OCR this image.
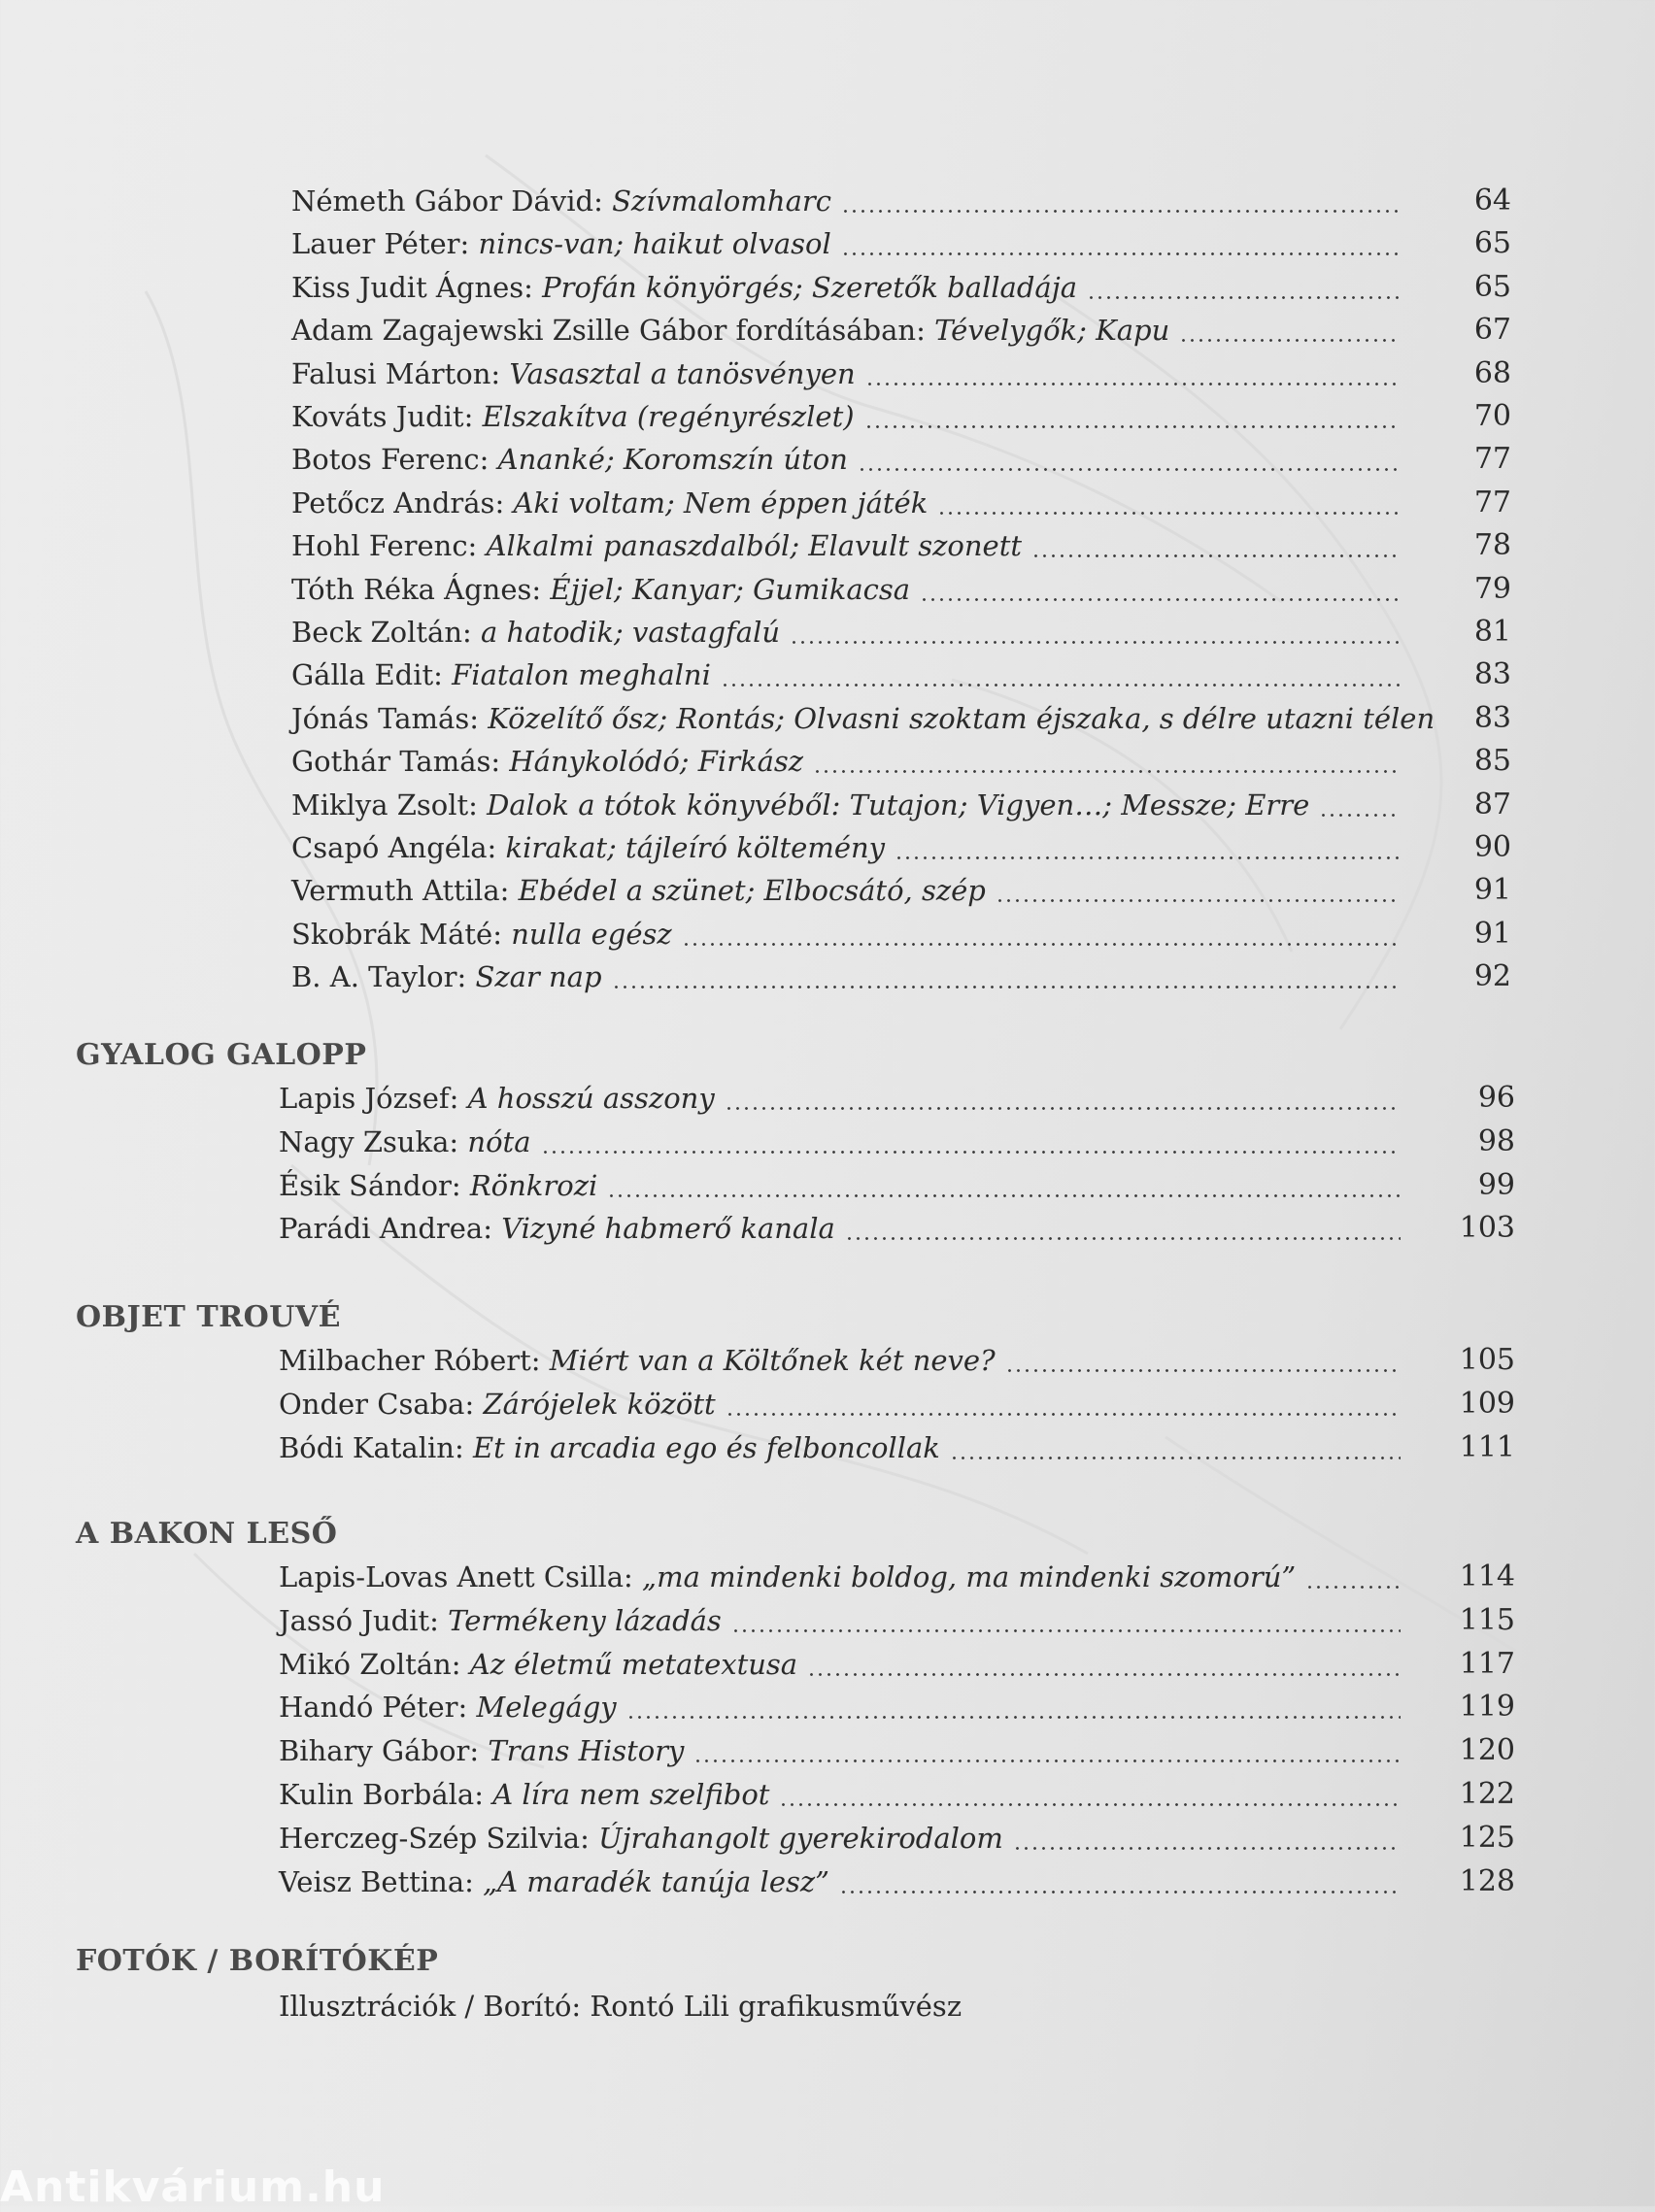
Németh Gábor Dávid:
Szívmalomharc	64
Lauer Péter:
nincs-van; haikut olvasol	65
Kiss Judit Ágnes:
Profán könyörgés; Szeretők balladája	65
Adam Zagajewski Zsille Gábor fordításában:
Tévelygők; Kapu	67
Falusi Márton:
Vasasztal a tanösvényen	68
Kováts Judit:
Elszakítva (regényrészlet)	70
Botos Ferenc:
Ananké; Koromszín úton	77
Petőcz András:
Aki voltam; Nem éppen játék	77
Hohl Ferenc:
Alkalmi panaszdalból; Elavult szonett	78
Tóth Réka Ágnes:
Éjjel; Kanyar; Gumikacsa	79
Beck Zoltán:
a hatodik; vastagfalú	81
Gálla Edit:
Fiatalon meghalni	83
Jónás Tamás:
Közelítő ősz; Rontás; Olvasni szoktam éjszaka, s délre utazni télen 83
Gothár Tamás:
Hánykolódó; Firkász	85
Miklya Zsolt:
Dalok a tótok könyvéből: Tutajon; Vigyen…; Messze; Erre	87
Csapó Angéla:
kirakat; tájleíró költemény	90
Vermuth Attila:
Ebédel a szünet; Elbocsátó, szép	91
Skobrák Máté:
nulla egész	91
B. A. Taylor:
Szar nap	92
GYALOG GALOPP
Lapis József:
A hosszú asszony	96
Nagy Zsuka:
nóta	98
Ésik Sándor:
Rönkrozi	99
Parádi Andrea:
Vizyné habmerő kanala	103
OBJET TROUVÉ
Milbacher Róbert:
Miért van a Költőnek két neve?	105
Onder Csaba:
Zárójelek között	109
Bódi Katalin:
Et in arcadia ego és felboncollak	111
A BAKON LESŐ
Lapis-Lovas Anett Csilla:
„ma mindenki boldog, ma mindenki szomorú”	114
Jassó Judit:
Termékeny lázadás	115
Mikó Zoltán:
Az életmű metatextusa	117
Handó Péter:
Melegágy	119
Bihary Gábor:
Trans History	120
Kulin Borbála:
A líra nem szelfibot	122
Herczeg-Szép Szilvia:
Újrahangolt gyerekirodalom	125
Veisz Bettina:
„A maradék tanúja lesz”	128
FOTÓK / BORÍTÓKÉP
Illusztrációk / Borító: Rontó Lili grafikusművész
Antikvárium.hu
